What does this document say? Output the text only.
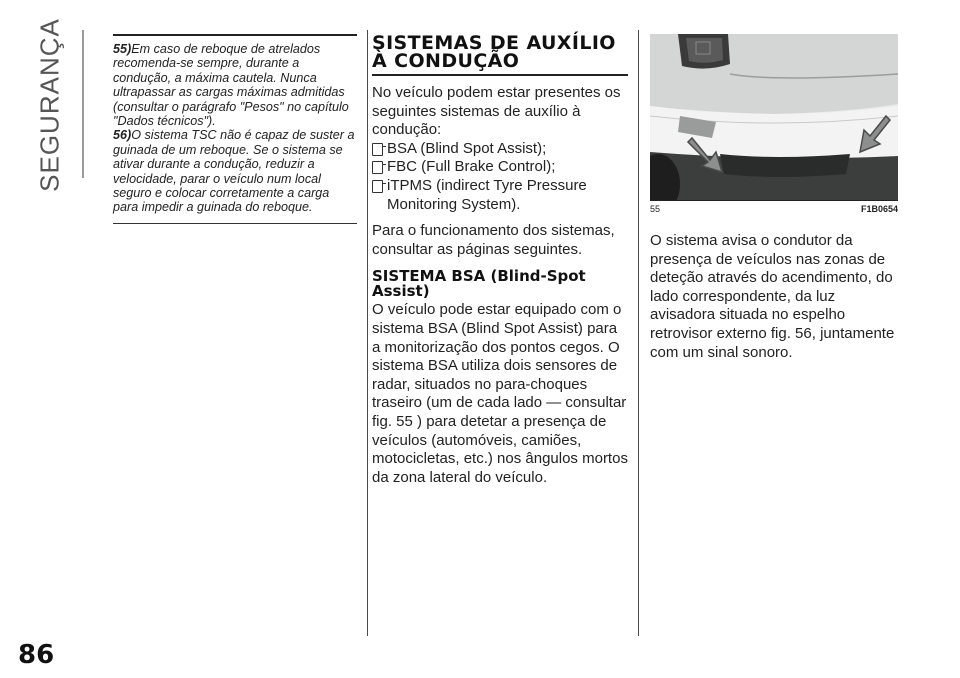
SEGURANÇA	55)Em caso de reboque de atrelados recomenda-se sempre, durante a condução, a máxima cautela. Nunca ultrapassar as cargas máximas admitidas (consultar o parágrafo "Pesos" no capítulo "Dados técnicos").

56)O sistema TSC não é capaz de suster a guinada de um reboque. Se o sistema se ativar durante a condução, reduzir a velocidade, parar o veículo num local seguro e colocar corretamente a carga para impedir a guinada do reboque.

SISTEMAS DE AUXÍLIO À CONDUÇÃO

No veículo podem estar presentes os seguintes sistemas de auxílio à condução:

BSA (Blind Spot Assist);
FBC (Full Brake Control);
iTPMS (indirect Tyre Pressure Monitoring System).

Para o funcionamento dos sistemas, consultar as páginas seguintes.

SISTEMA BSA (Blind-Spot Assist)

O veículo pode estar equipado com o sistema BSA (Blind Spot Assist) para a monitorização dos pontos cegos. O sistema BSA utiliza dois sensores de radar, situados no para-choques traseiro (um de cada lado — consultar fig. 55 ) para detetar a presença de veículos (automóveis, camiões, motocicletas, etc.) nos ângulos mortos da zona lateral do veículo.

55	F1B0654

O sistema avisa o condutor da presença de veículos nas zonas de deteção através do acendimento, do lado correspondente, da luz avisadora situada no espelho retrovisor externo fig. 56, juntamente com um sinal sonoro.

86
